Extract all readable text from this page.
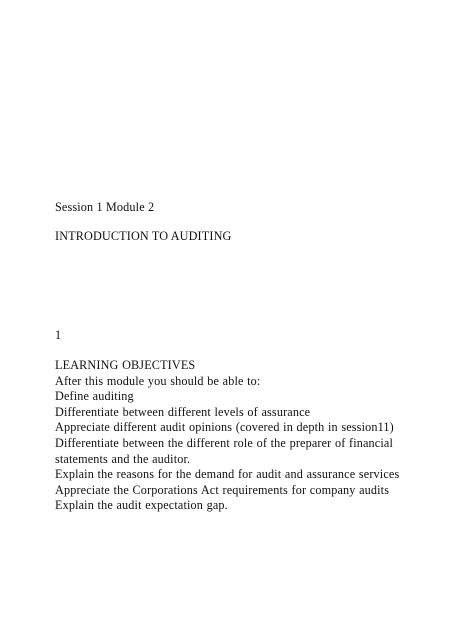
Session 1 Module 2
INTRODUCTION TO AUDITING
1
LEARNING OBJECTIVES
After this module you should be able to:
Define auditing
Differentiate between different levels of assurance
Appreciate different audit opinions (covered in depth in session11)
Differentiate between the different role of the preparer of financial statements and the auditor.
Explain the reasons for the demand for audit and assurance services
Appreciate the Corporations Act requirements for company audits
Explain the audit expectation gap.
